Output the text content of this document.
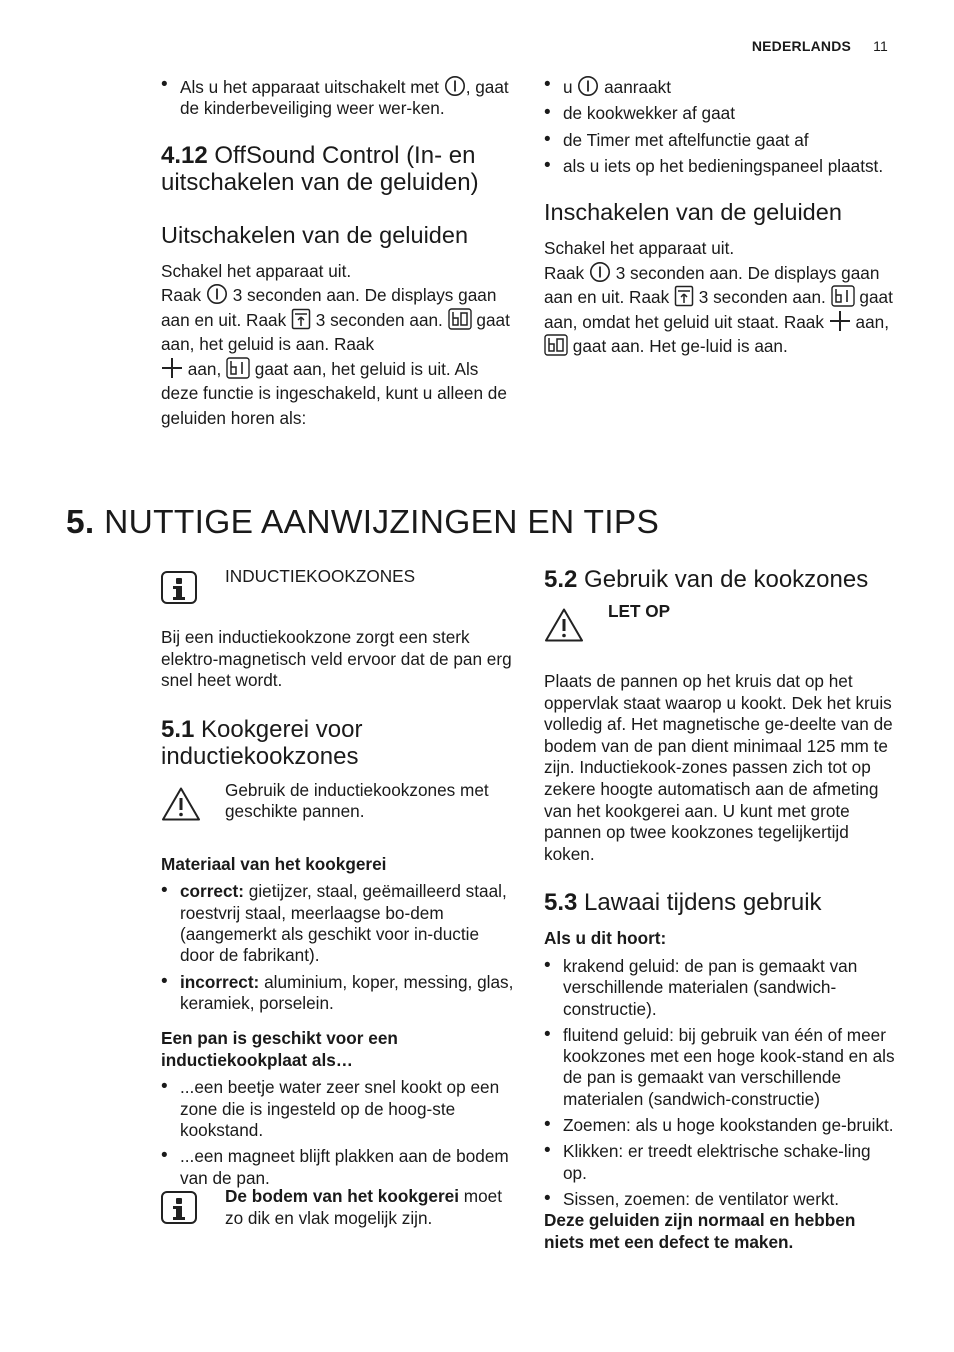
NEDERLANDS 11
• Als u het apparaat uitschakelt met , gaat de kinderbeveiliging weer wer-ken.
4.12 OffSound Control (In- en uitschakelen van de geluiden)
Uitschakelen van de geluiden

Schakel het apparaat uit.
Raak 3 seconden aan. De displays gaan aan en uit. Raak 3 seconden aan. gaat aan, het geluid is aan. Raak
aan, gaat aan, het geluid is uit. Als deze functie is ingeschakeld, kunt u alleen de geluiden horen als:

• u aanraakt
• de kookwekker af gaat
• de Timer met aftelfunctie gaat af
• als u iets op het bedieningspaneel plaatst.
Inschakelen van de geluiden

Schakel het apparaat uit.
Raak 3 seconden aan. De displays gaan aan en uit. Raak 3 seconden aan. gaat aan, omdat het geluid uit staat. Raak aan,  gaat aan. Het ge-luid is aan.

5. NUTTIGE AANWIJZINGEN EN TIPS
INDUCTIEKOOKZONES

Bij een inductiekookzone zorgt een sterk elektro-magnetisch veld ervoor dat de pan erg snel heet wordt.

5.1 Kookgerei voor inductiekookzones

Gebruik de inductiekookzones met geschikte pannen.

Materiaal van het kookgerei

• correct: gietijzer, staal, geëmailleerd staal, roestvrij staal, meerlaagse bo-dem (aangemerkt als geschikt voor in-ductie door de fabrikant).
• incorrect: aluminium, koper, messing, glas, keramiek, porselein.

Een pan is geschikt voor een inductiekookplaat als…

• ...een beetje water zeer snel kookt op een zone die is ingesteld op de hoog-ste kookstand.
• ...een magneet blijft plakken aan de bodem van de pan.

De bodem van het kookgerei moet zo dik en vlak mogelijk zijn.

5.2 Gebruik van de kookzones
LET OP

Plaats de pannen op het kruis dat op het oppervlak staat waarop u kookt. Dek het kruis volledig af. Het magnetische ge-deelte van de bodem van de pan dient minimaal 125 mm te zijn. Inductiekook-zones passen zich tot op zekere hoogte automatisch aan de afmeting van het kookgerei aan. U kunt met grote pannen op twee kookzones tegelijkertijd koken.

5.3 Lawaai tijdens gebruik

Als u dit hoort:

• krakend geluid: de pan is gemaakt van verschillende materialen (sandwich-constructie).
• fluitend geluid: bij gebruik van één of meer kookzones met een hoge kook-stand en als de pan is gemaakt van verschillende materialen (sandwich-constructie)
• Zoemen: als u hoge kookstanden ge-bruikt.
• Klikken: er treedt elektrische schake-ling op.
• Sissen, zoemen: de ventilator werkt.

Deze geluiden zijn normaal en hebben niets met een defect te maken.
